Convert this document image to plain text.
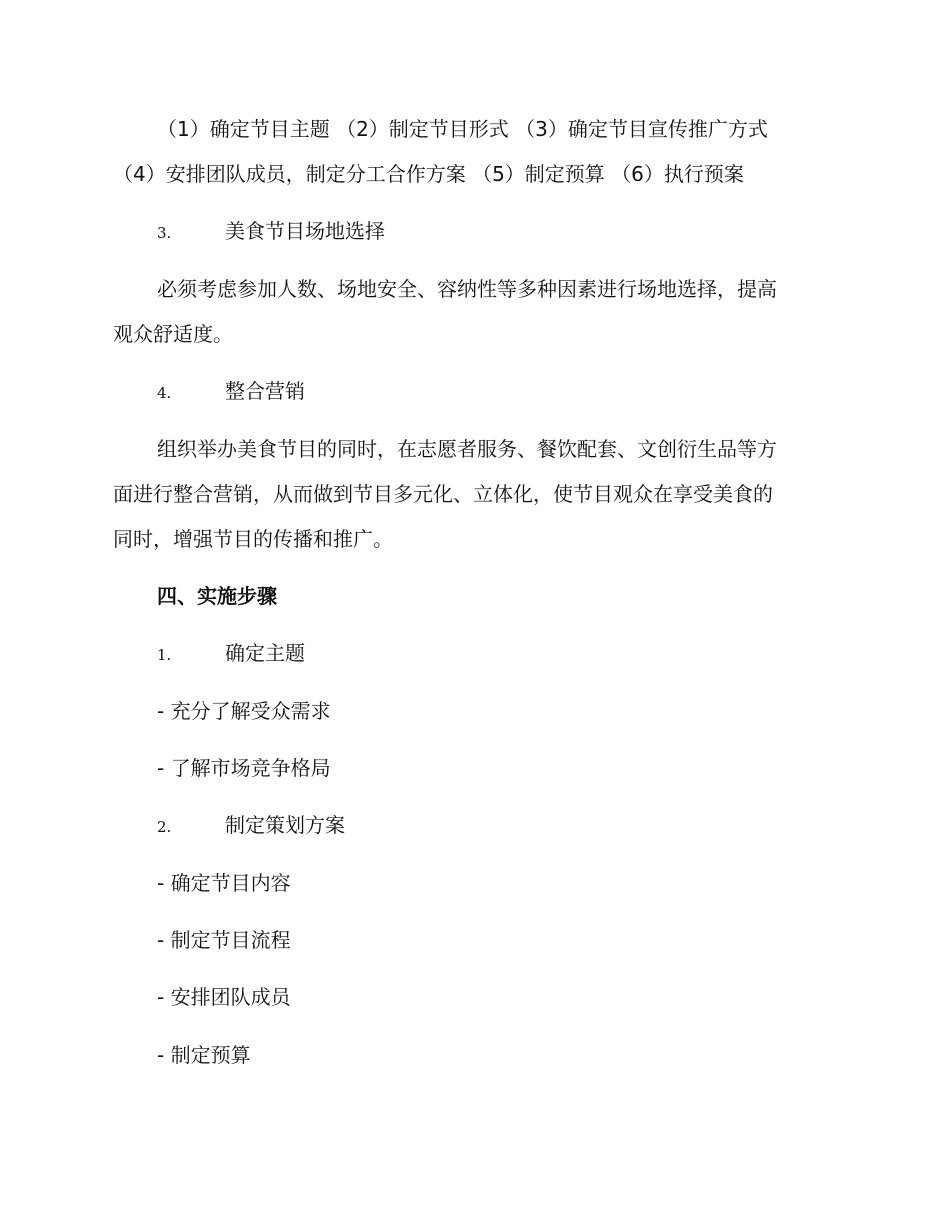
（1）确定节目主题 （2）制定节目形式 （3）确定节目宣传推广方式
（4）安排团队成员，制定分工合作方案 （5）制定预算 （6）执行预案
3.	美食节目场地选择
必须考虑参加人数、场地安全、容纳性等多种因素进行场地选择，提高
观众舒适度。
4.	整合营销
组织举办美食节目的同时，在志愿者服务、餐饮配套、文创衍生品等方
面进行整合营销，从而做到节目多元化、立体化，使节目观众在享受美食的
同时，增强节目的传播和推广。
四、实施步骤
1.	确定主题
- 充分了解受众需求
- 了解市场竞争格局
2.	制定策划方案
- 确定节目内容
- 制定节目流程
- 安排团队成员
- 制定预算
